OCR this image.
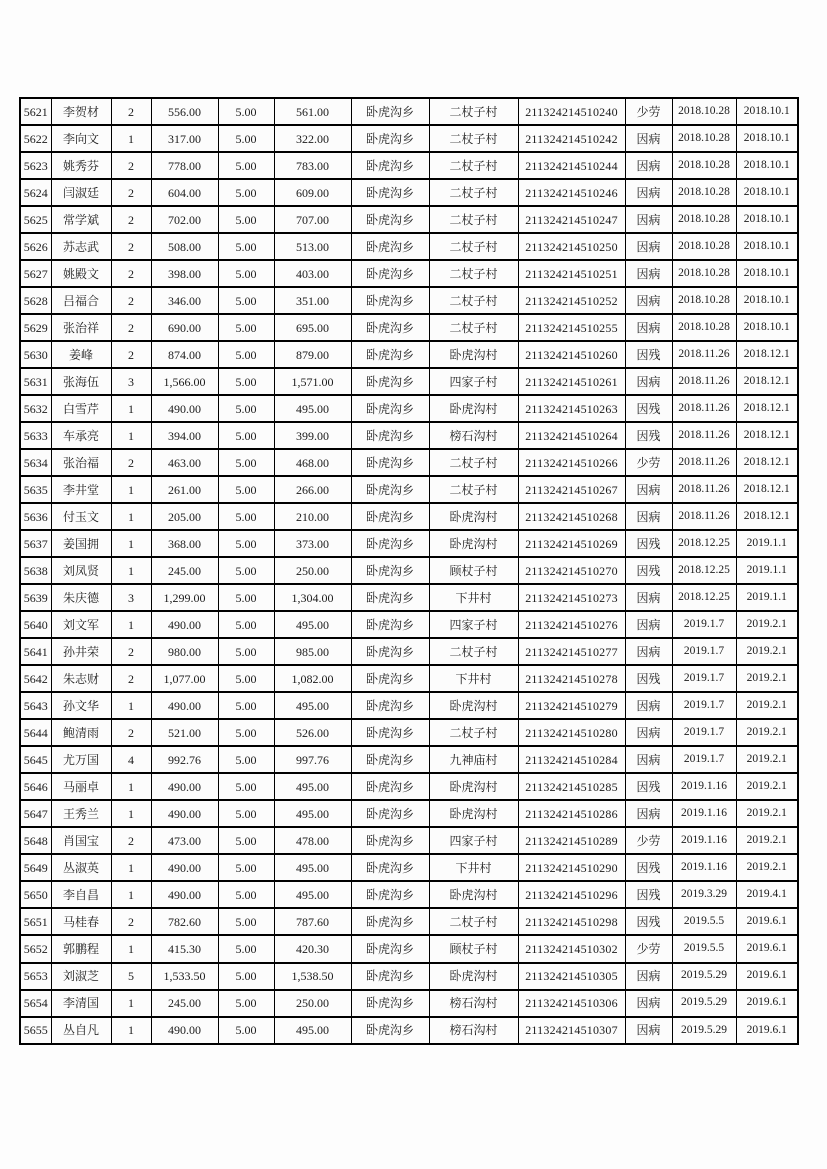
5621	李贺材	2	556.00	5.00	561.00	卧虎沟乡	二杖子村	211324214510240	少劳	2018.10.28	2018.10.1
5622	李向文	1	317.00	5.00	322.00	卧虎沟乡	二杖子村	211324214510242	因病	2018.10.28	2018.10.1
5623	姚秀芬	2	778.00	5.00	783.00	卧虎沟乡	二杖子村	211324214510244	因病	2018.10.28	2018.10.1
5624	闫淑廷	2	604.00	5.00	609.00	卧虎沟乡	二杖子村	211324214510246	因病	2018.10.28	2018.10.1
5625	常学斌	2	702.00	5.00	707.00	卧虎沟乡	二杖子村	211324214510247	因病	2018.10.28	2018.10.1
5626	苏志武	2	508.00	5.00	513.00	卧虎沟乡	二杖子村	211324214510250	因病	2018.10.28	2018.10.1
5627	姚殿文	2	398.00	5.00	403.00	卧虎沟乡	二杖子村	211324214510251	因病	2018.10.28	2018.10.1
5628	吕福合	2	346.00	5.00	351.00	卧虎沟乡	二杖子村	211324214510252	因病	2018.10.28	2018.10.1
5629	张治祥	2	690.00	5.00	695.00	卧虎沟乡	二杖子村	211324214510255	因病	2018.10.28	2018.10.1
5630	姜峰	2	874.00	5.00	879.00	卧虎沟乡	卧虎沟村	211324214510260	因残	2018.11.26	2018.12.1
5631	张海伍	3	1,566.00	5.00	1,571.00	卧虎沟乡	四家子村	211324214510261	因病	2018.11.26	2018.12.1
5632	白雪芹	1	490.00	5.00	495.00	卧虎沟乡	卧虎沟村	211324214510263	因残	2018.11.26	2018.12.1
5633	车承亮	1	394.00	5.00	399.00	卧虎沟乡	榜石沟村	211324214510264	因残	2018.11.26	2018.12.1
5634	张治福	2	463.00	5.00	468.00	卧虎沟乡	二杖子村	211324214510266	少劳	2018.11.26	2018.12.1
5635	李井堂	1	261.00	5.00	266.00	卧虎沟乡	二杖子村	211324214510267	因病	2018.11.26	2018.12.1
5636	付玉文	1	205.00	5.00	210.00	卧虎沟乡	卧虎沟村	211324214510268	因病	2018.11.26	2018.12.1
5637	姜国拥	1	368.00	5.00	373.00	卧虎沟乡	卧虎沟村	211324214510269	因残	2018.12.25	2019.1.1
5638	刘凤贤	1	245.00	5.00	250.00	卧虎沟乡	顾杖子村	211324214510270	因残	2018.12.25	2019.1.1
5639	朱庆德	3	1,299.00	5.00	1,304.00	卧虎沟乡	下井村	211324214510273	因病	2018.12.25	2019.1.1
5640	刘文军	1	490.00	5.00	495.00	卧虎沟乡	四家子村	211324214510276	因病	2019.1.7	2019.2.1
5641	孙井荣	2	980.00	5.00	985.00	卧虎沟乡	二杖子村	211324214510277	因病	2019.1.7	2019.2.1
5642	朱志财	2	1,077.00	5.00	1,082.00	卧虎沟乡	下井村	211324214510278	因残	2019.1.7	2019.2.1
5643	孙文华	1	490.00	5.00	495.00	卧虎沟乡	卧虎沟村	211324214510279	因病	2019.1.7	2019.2.1
5644	鲍清雨	2	521.00	5.00	526.00	卧虎沟乡	二杖子村	211324214510280	因病	2019.1.7	2019.2.1
5645	尤万国	4	992.76	5.00	997.76	卧虎沟乡	九神庙村	211324214510284	因病	2019.1.7	2019.2.1
5646	马丽卓	1	490.00	5.00	495.00	卧虎沟乡	卧虎沟村	211324214510285	因残	2019.1.16	2019.2.1
5647	王秀兰	1	490.00	5.00	495.00	卧虎沟乡	卧虎沟村	211324214510286	因病	2019.1.16	2019.2.1
5648	肖国宝	2	473.00	5.00	478.00	卧虎沟乡	四家子村	211324214510289	少劳	2019.1.16	2019.2.1
5649	丛淑英	1	490.00	5.00	495.00	卧虎沟乡	下井村	211324214510290	因残	2019.1.16	2019.2.1
5650	李自昌	1	490.00	5.00	495.00	卧虎沟乡	卧虎沟村	211324214510296	因残	2019.3.29	2019.4.1
5651	马桂春	2	782.60	5.00	787.60	卧虎沟乡	二杖子村	211324214510298	因残	2019.5.5	2019.6.1
5652	郭鹏程	1	415.30	5.00	420.30	卧虎沟乡	顾杖子村	211324214510302	少劳	2019.5.5	2019.6.1
5653	刘淑芝	5	1,533.50	5.00	1,538.50	卧虎沟乡	卧虎沟村	211324214510305	因病	2019.5.29	2019.6.1
5654	李清国	1	245.00	5.00	250.00	卧虎沟乡	榜石沟村	211324214510306	因病	2019.5.29	2019.6.1
5655	丛自凡	1	490.00	5.00	495.00	卧虎沟乡	榜石沟村	211324214510307	因病	2019.5.29	2019.6.1
